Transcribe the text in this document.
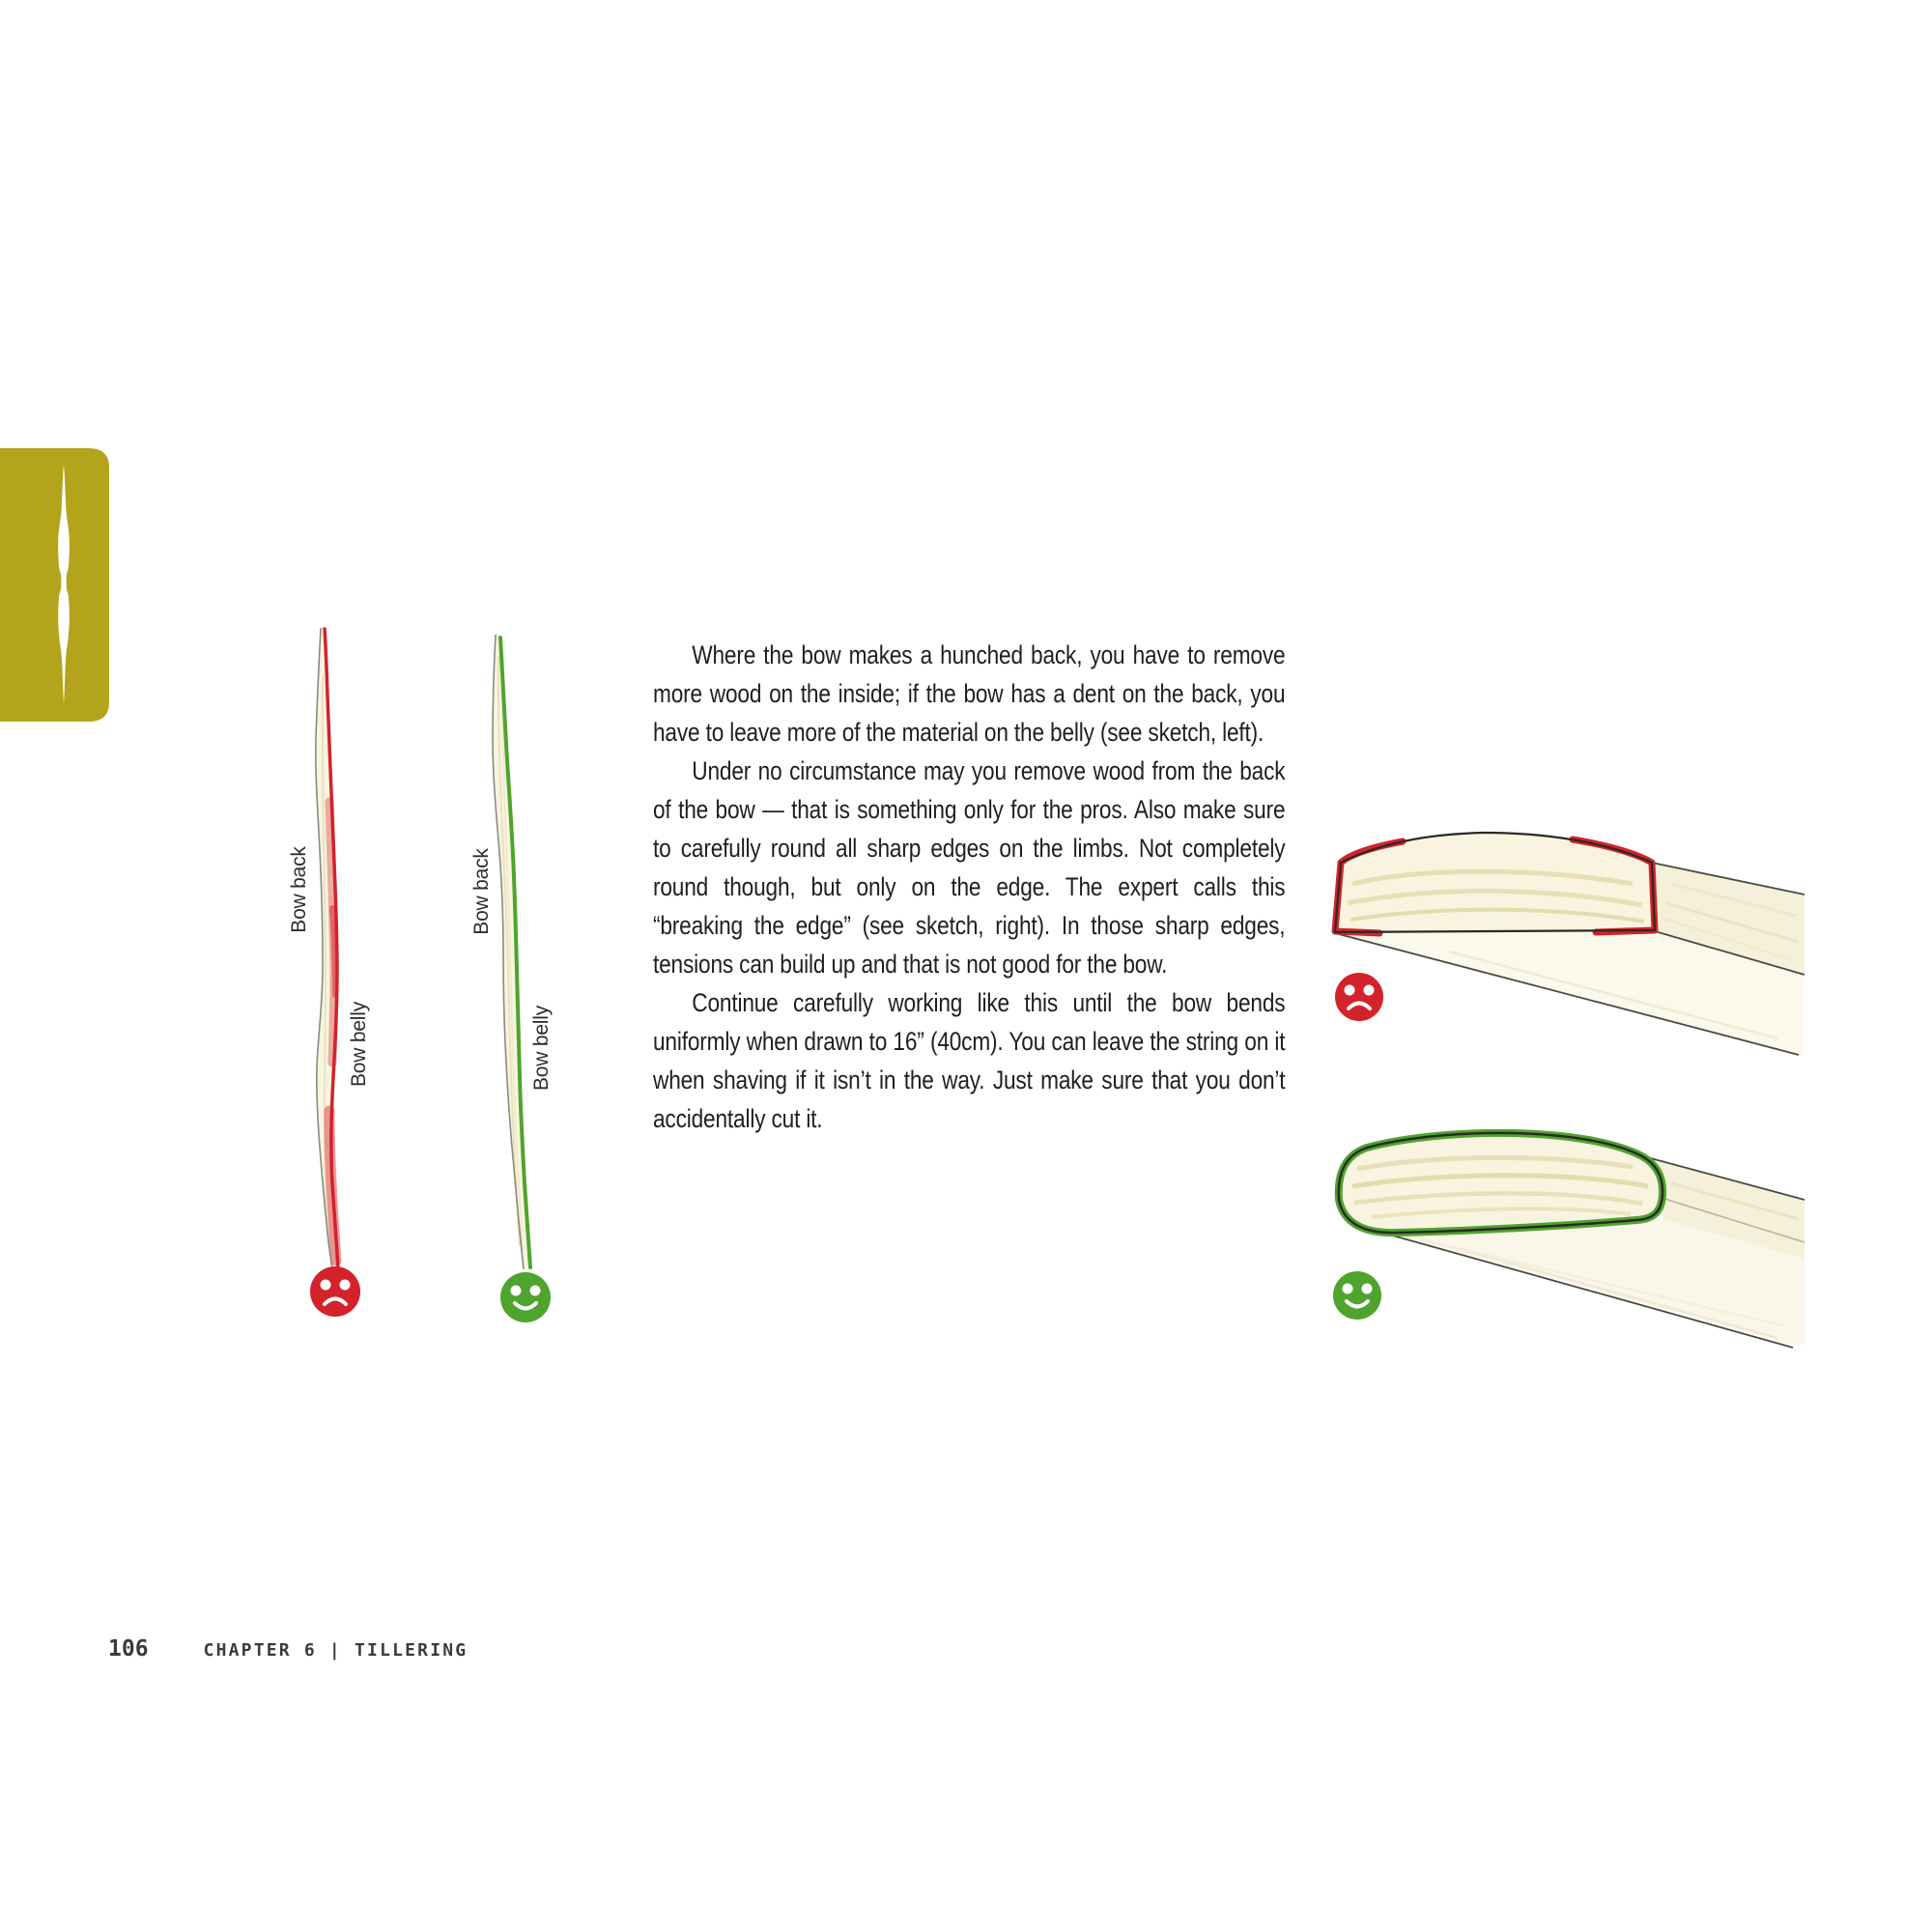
Bow back
Bow belly
Bow back
Bow belly

Where the bow makes a hunched back, you have to remove more wood on the inside; if the bow has a dent on the back, you have to leave more of the material on the belly (see sketch, left).

Under no circumstance may you remove wood from the back of the bow — that is something only for the pros. Also make sure to carefully round all sharp edges on the limbs. Not completely round though, but only on the edge. The expert calls this “breaking the edge” (see sketch, right). In those sharp edges, tensions can build up and that is not good for the bow.

Continue carefully working like this until the bow bends uniformly when drawn to 16” (40cm). You can leave the string on it when shaving if it isn’t in the way. Just make sure that you don’t accidentally cut it.

106	CHAPTER 6 | TILLERING
